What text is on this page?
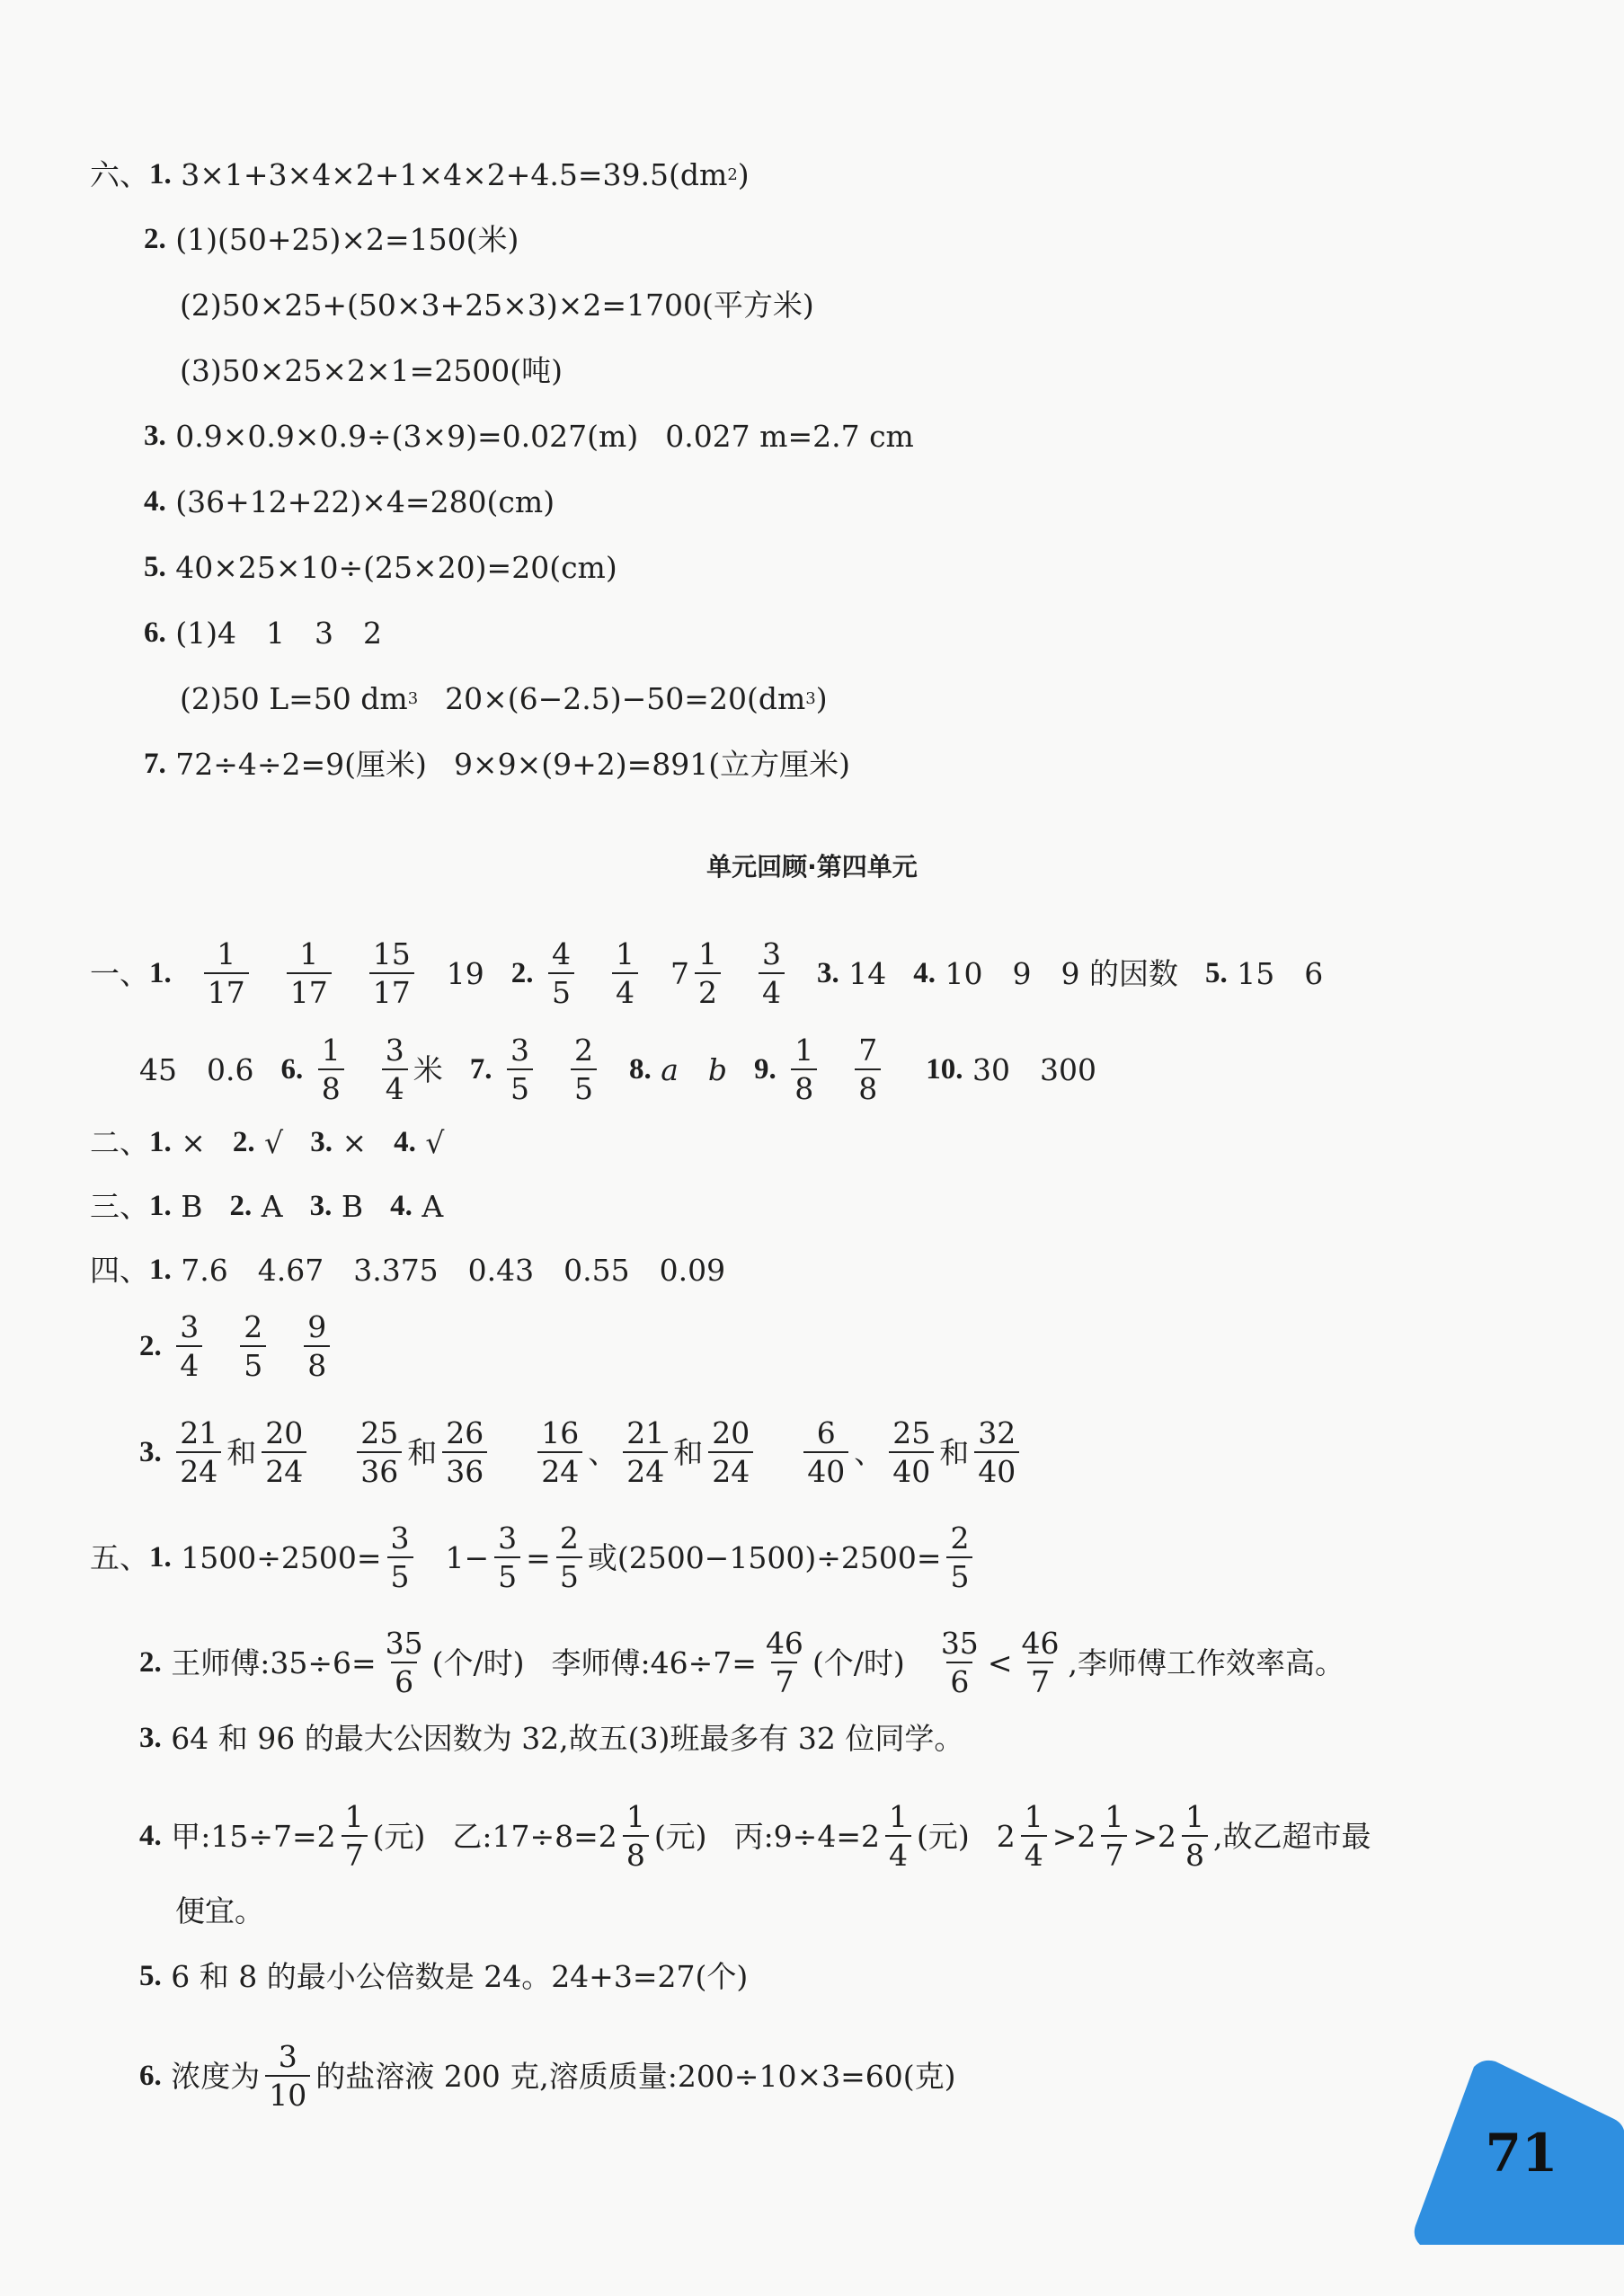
六、 1.
3×1+3×4×2+1×4×2+4.5=39.5(dm 2 )
2.
(1)(50+25)×2=150(米)
(2)50×25+(50×3+25×3)×2=1700(平方米)
(3)50×25×2×1=2500(吨)
3.
0.9×0.9×0.9÷(3×9)=0.027(m) 0.027 m=2.7 cm
4.
(36+12+22)×4=280(cm)
5.
40×25×10÷(25×20)=20(cm)
6.
(1)4　1　3　2
(2)50 L=50 dm 3 20×(6−2.5)−50=20(dm 3 )
7.
72÷4÷2=9(厘米) 9×9×(9+2)=891(立方厘米)
单元回顾·第四单元
一、 1.
1
17
1
17
15
17
19 2.

4
5
1
4
7
1
2
3
4
3.
14 4.
10　9　9 的因数 5.
15　6
45　0.6 6.

1
8
3
4
米 7.

3
5
2
5
8.
a　b 9.

1
8
7
8
10.
30　300
二、 1.
× 2.
√ 3.
× 4.
√
三、 1.
B 2.
A 3.
B 4.
A
四、 1.
7.6　4.67　3.375　0.43　0.55　0.09
2.

3
4
2
5
9
8
3.

21
24
和
20
24
25
36
和
26
36
16
24
、
21
24
和
20
24
6
40
、
25
40
和
32
40
五、 1.
$1500\div 2500= \frac{3}{5} 1- \frac{3}{5} = \frac{2}{5}$ 或$(2500-1500)\div 2500= \frac{2}{5}$
2.
王师傅:35÷6= $\frac{35}{6}$ (个/时) 李师傅:46÷7= $\frac{46}{7}$ (个/时)
35
6
<
46
7
,李师傅工作效率高。
3.
64 和 96 的最大公因数为 32,故五(3)班最多有 32 位同学。
4.
甲:15÷7=2
1
7
(元) 乙:17÷8=2
1
8
(元) 丙:9÷4=2
1
4
(元) 2
1
4
> 2
1
7
> 2
1
8
,故乙超市最
便宜。
5.
6 和 8 的最小公倍数是 24。24+3=27(个)
6.
浓度为
3
10
的盐溶液 200 克,溶质质量:200÷10×3=60(克)
71
